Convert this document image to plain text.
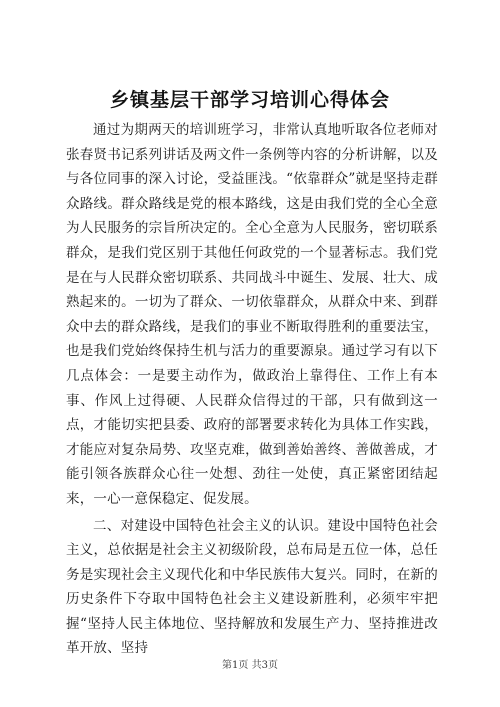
乡镇基层干部学习培训心得体会

通过为期两天的培训班学习，非常认真地听取各位老师对张春贤书记系列讲话及两文件一条例等内容的分析讲解，以及与各位同事的深入讨论，受益匪浅。“依靠群众”就是坚持走群众路线。群众路线是党的根本路线，这是由我们党的全心全意为人民服务的宗旨所决定的。全心全意为人民服务，密切联系群众，是我们党区别于其他任何政党的一个显著标志。我们党是在与人民群众密切联系、共同战斗中诞生、发展、壮大、成熟起来的。一切为了群众、一切依靠群众，从群众中来、到群众中去的群众路线，是我们的事业不断取得胜利的重要法宝，也是我们党始终保持生机与活力的重要源泉。通过学习有以下几点体会：一是要主动作为，做政治上靠得住、工作上有本事、作风上过得硬、人民群众信得过的干部，只有做到这一点，才能切实把县委、政府的部署要求转化为具体工作实践，才能应对复杂局势、攻坚克难，做到善始善终、善做善成，才能引领各族群众心往一处想、劲往一处使，真正紧密团结起来，一心一意保稳定、促发展。

二、对建设中国特色社会主义的认识。建设中国特色社会主义，总依据是社会主义初级阶段，总布局是五位一体，总任务是实现社会主义现代化和中华民族伟大复兴。同时，在新的历史条件下夺取中国特色社会主义建设新胜利，必须牢牢把握“坚持人民主体地位、坚持解放和发展生产力、坚持推进改革开放、坚持

第1页 共3页
